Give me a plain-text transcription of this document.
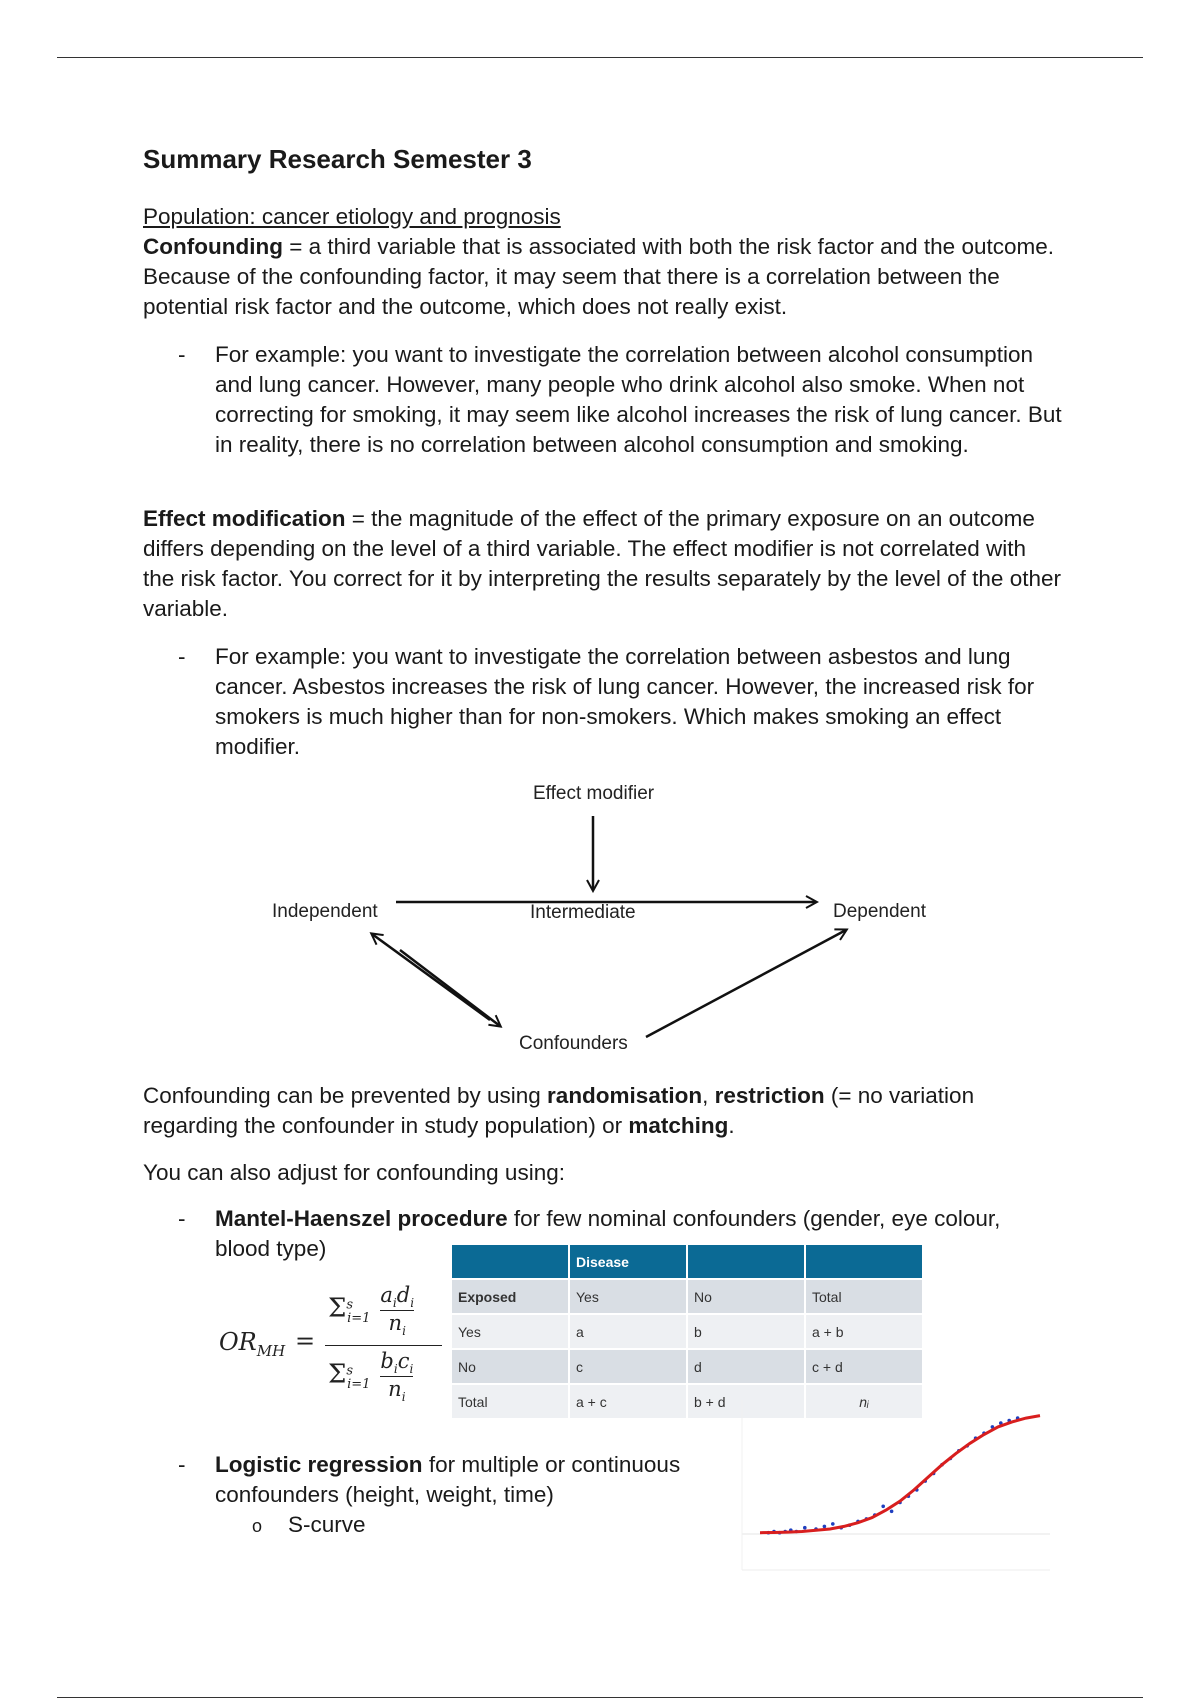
Summary Research Semester 3
Population: cancer etiology and prognosis
Confounding = a third variable that is associated with both the risk factor and the outcome. Because of the confounding factor, it may seem that there is a correlation between the potential risk factor and the outcome, which does not really exist.
- For example: you want to investigate the correlation between alcohol consumption and lung cancer. However, many people who drink alcohol also smoke. When not correcting for smoking, it may seem like alcohol increases the risk of lung cancer. But in reality, there is no correlation between alcohol consumption and smoking.
Effect modification = the magnitude of the effect of the primary exposure on an outcome differs depending on the level of a third variable. The effect modifier is not correlated with the risk factor. You correct for it by interpreting the results separately by the level of the other variable.
- For example: you want to investigate the correlation between asbestos and lung cancer. Asbestos increases the risk of lung cancer. However, the increased risk for smokers is much higher than for non-smokers. Which makes smoking an effect modifier.
Effect modifier
Independent	Intermediate	Dependent
Confounders
Confounding can be prevented by using randomisation, restriction (= no variation regarding the confounder in study population) or matching.
You can also adjust for confounding using:
- Mantel-Haenszel procedure for few nominal confounders (gender, eye colour, blood type)
$OR_{MH}$ =
$\Sigma^s_{i=1}$
$a_id_i$
$n_i$
$\Sigma^s_{i=1}$
$b_ic_i$
$n_i$
	Disease		
Exposed	Yes	No	Total
Yes	a	b	a + b
No	c	d	c + d
Total	a + c	b + d	nᵢ
- Logistic regression for multiple or continuous confounders (height, weight, time)
o S-curve
